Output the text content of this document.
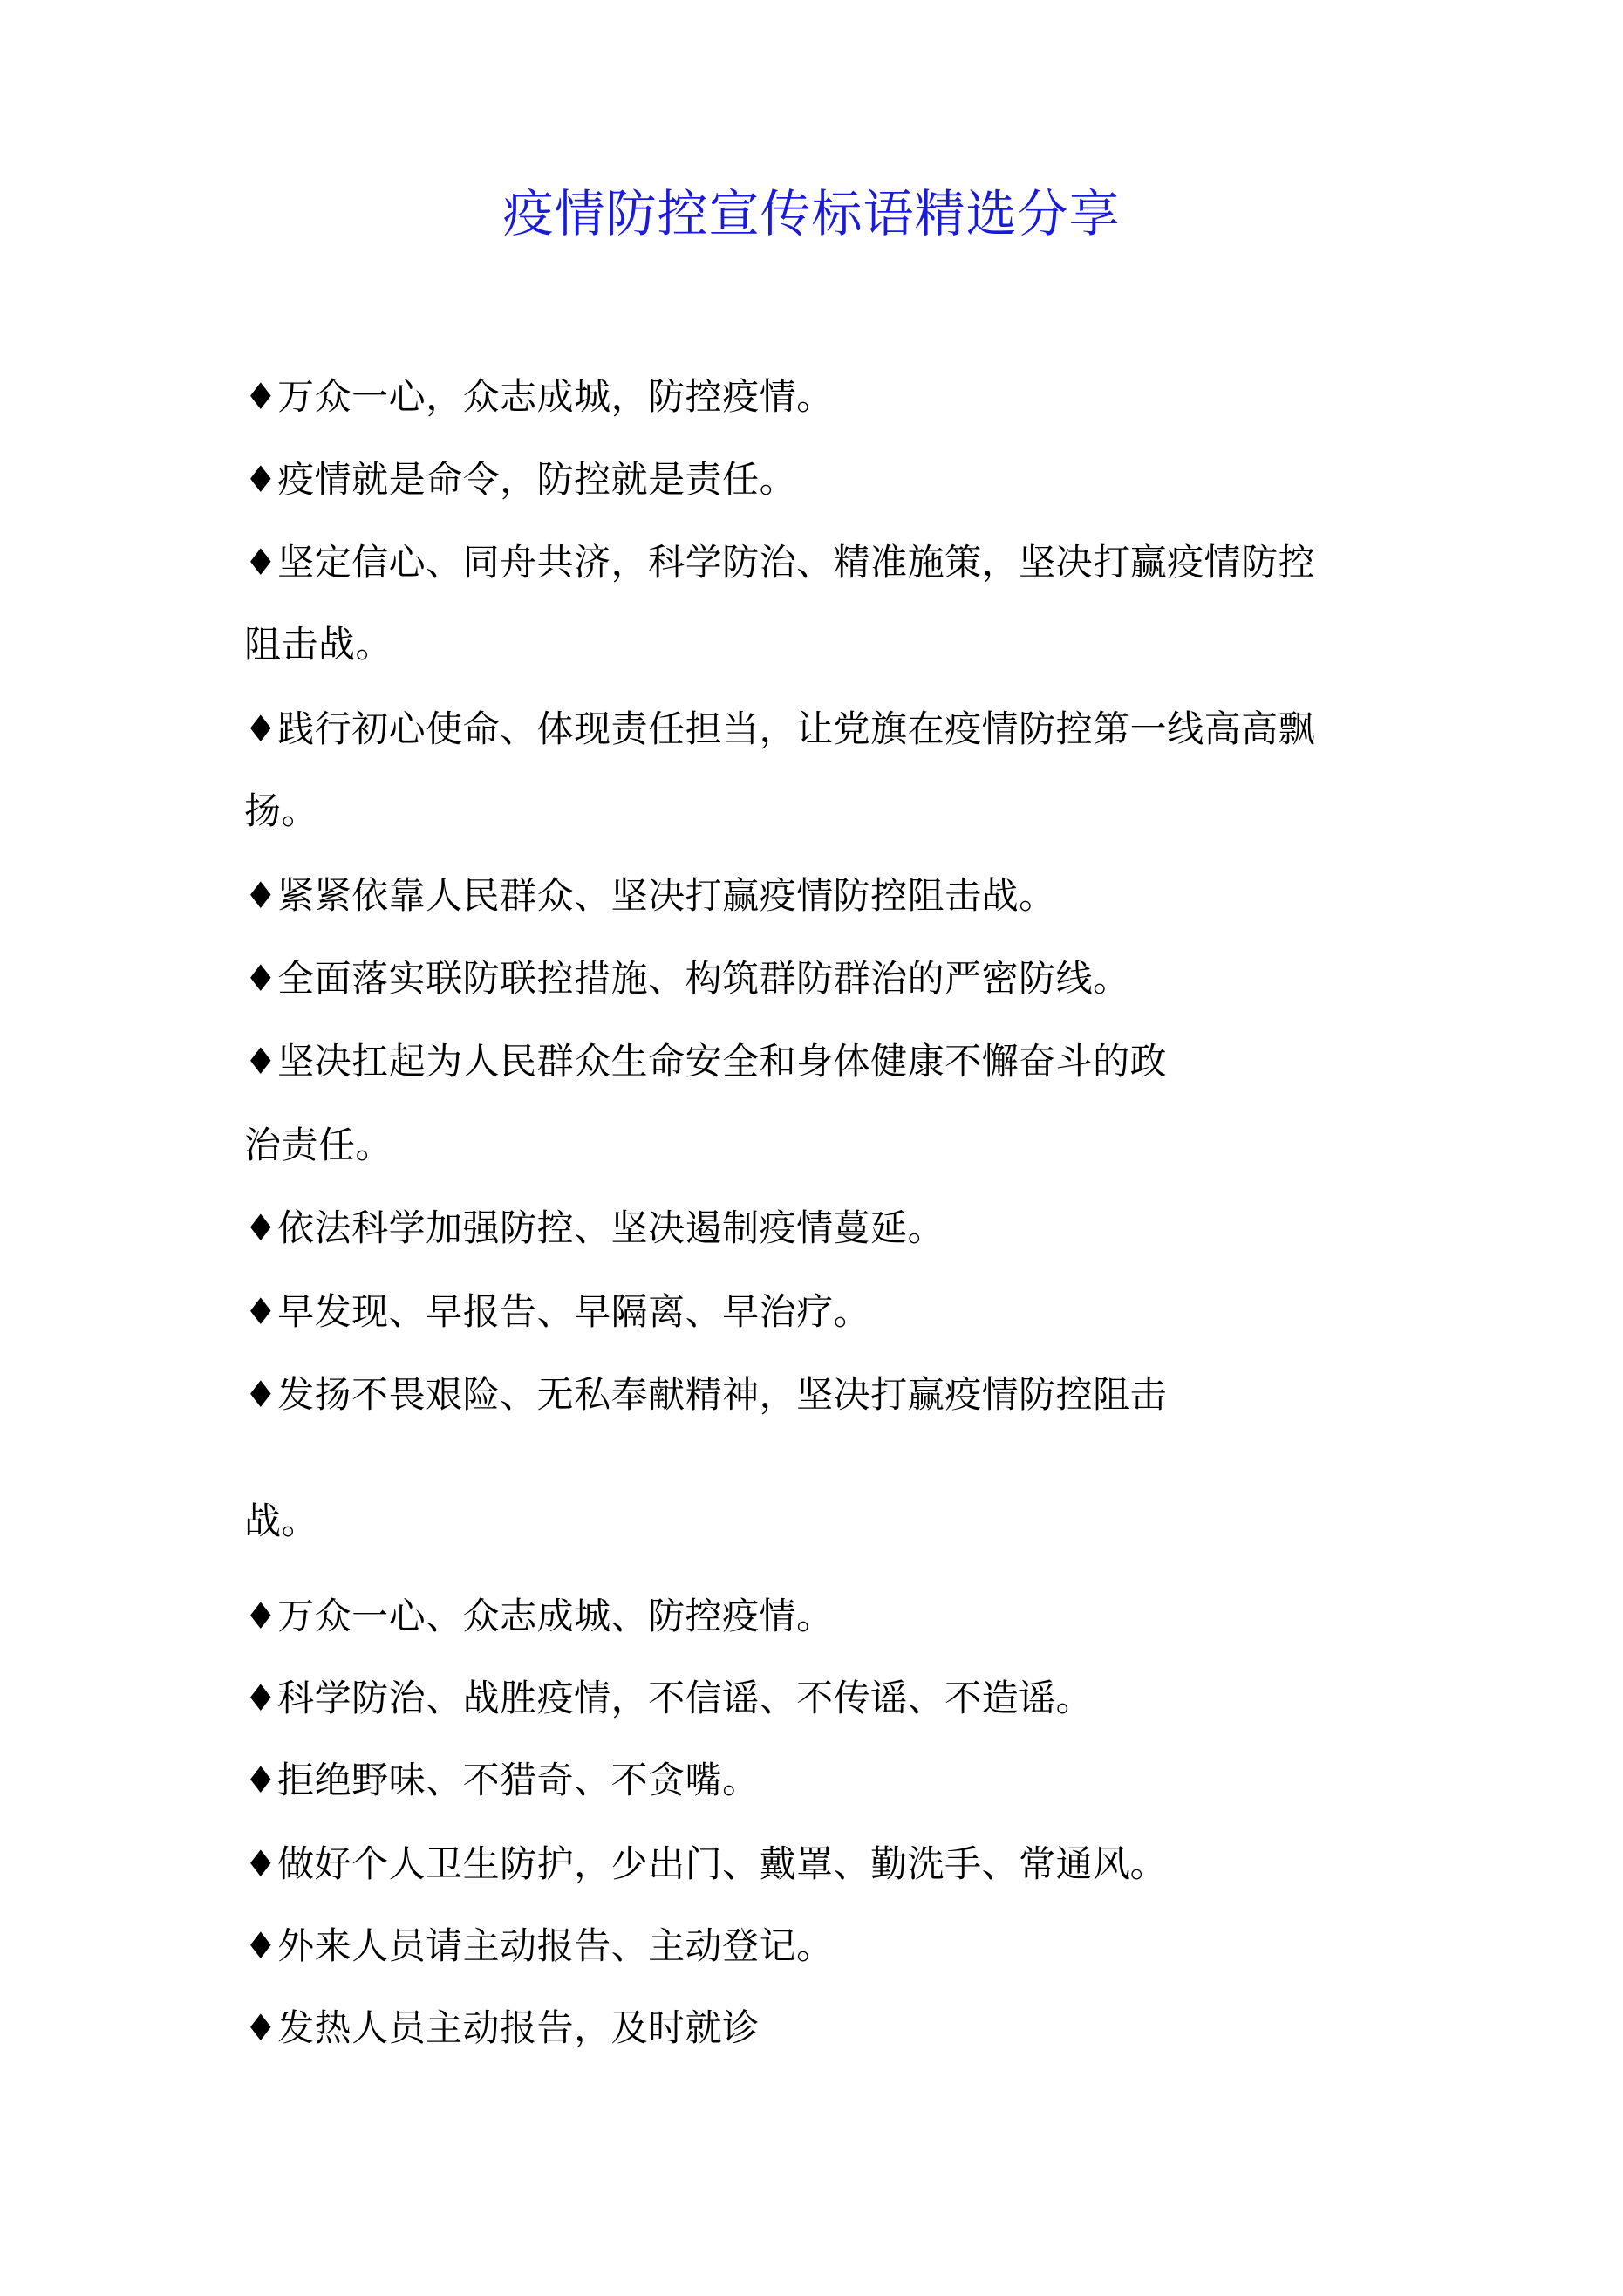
疫情防控宣传标语精选分享

♦万众一心，众志成城，防控疫情。

♦疫情就是命令，防控就是责任。

♦坚定信心、同舟共济，科学防治、精准施策，坚决打赢疫情防控

阻击战。

♦践行初心使命、体现责任担当，让党旗在疫情防控第一线高高飘

扬。

♦紧紧依靠人民群众、坚决打赢疫情防控阻击战。

♦全面落实联防联控措施、构筑群防群治的严密防线。

♦坚决扛起为人民群众生命安全和身体健康不懈奋斗的政

治责任。

♦依法科学加强防控、坚决遏制疫情蔓延。

♦早发现、早报告、早隔离、早治疗。

♦发扬不畏艰险、无私奉献精神，坚决打赢疫情防控阻击

战。

♦万众一心、众志成城、防控疫情。

♦科学防治、战胜疫情，不信谣、不传谣、不造谣。

♦拒绝野味、不猎奇、不贪嘴。

♦做好个人卫生防护，少出门、戴罩、勤洗手、常通风。

♦外来人员请主动报告、主动登记。

♦发热人员主动报告，及时就诊
